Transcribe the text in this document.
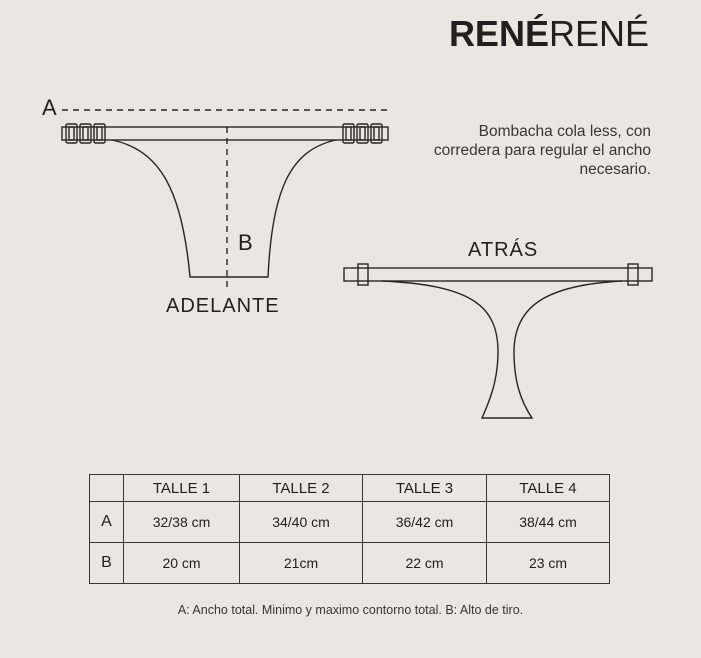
RENÉRENÉ
Bombacha cola less, con corredera para regular el ancho necesario.
A
B
ADELANTE
ATRÁS
	TALLE 1	TALLE 2	TALLE 3	TALLE 4
A	32/38 cm	34/40 cm	36/42 cm	38/44 cm
B	20 cm	21cm	22 cm	23 cm
A: Ancho total. Minimo y maximo contorno total. B: Alto de tiro.
